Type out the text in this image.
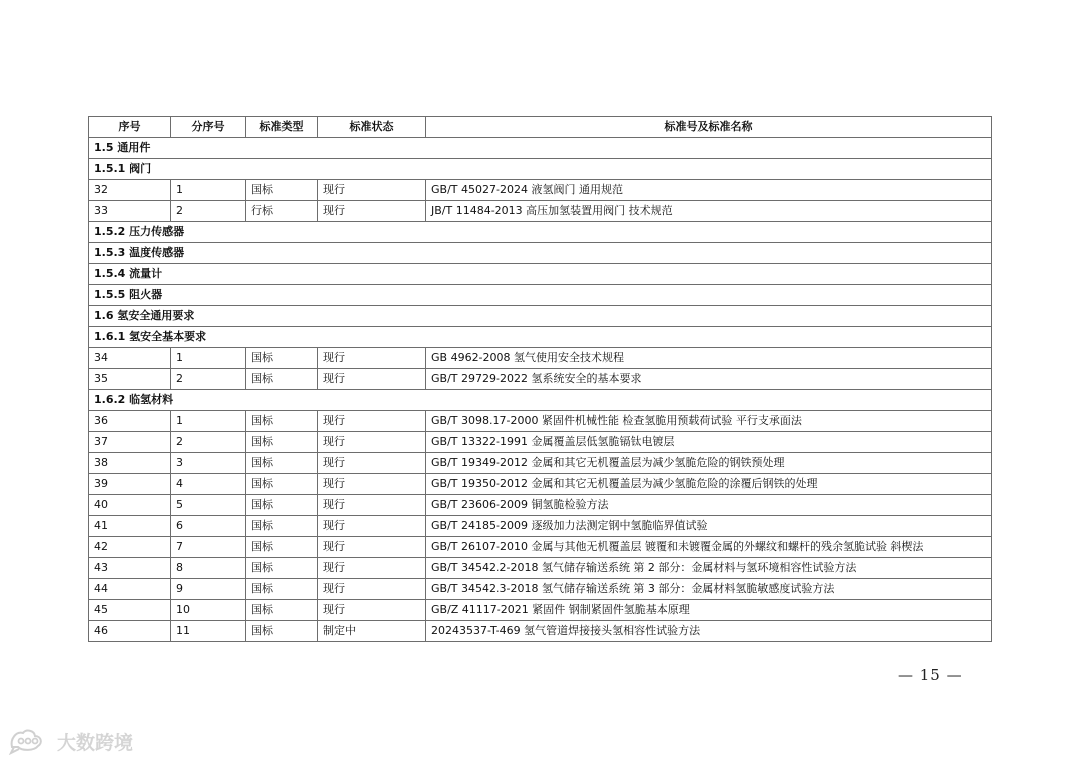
序号	分序号	标准类型	标准状态	标准号及标准名称
1.5 通用件				
1.5.1 阀门				
32	1	国标	现行	GB/T 45027-2024 液氢阀门 通用规范
33	2	行标	现行	JB/T 11484-2013 高压加氢装置用阀门 技术规范
1.5.2 压力传感器				
1.5.3 温度传感器				
1.5.4 流量计				
1.5.5 阻火器				
1.6 氢安全通用要求				
1.6.1 氢安全基本要求				
34	1	国标	现行	GB 4962-2008 氢气使用安全技术规程
35	2	国标	现行	GB/T 29729-2022 氢系统安全的基本要求
1.6.2 临氢材料				
36	1	国标	现行	GB/T 3098.17-2000 紧固件机械性能 检查氢脆用预载荷试验 平行支承面法
37	2	国标	现行	GB/T 13322-1991 金属覆盖层低氢脆镉钛电镀层
38	3	国标	现行	GB/T 19349-2012 金属和其它无机覆盖层为减少氢脆危险的钢铁预处理
39	4	国标	现行	GB/T 19350-2012 金属和其它无机覆盖层为减少氢脆危险的涂覆后钢铁的处理
40	5	国标	现行	GB/T 23606-2009 铜氢脆检验方法
41	6	国标	现行	GB/T 24185-2009 逐级加力法测定钢中氢脆临界值试验
42	7	国标	现行	GB/T 26107-2010 金属与其他无机覆盖层 镀覆和未镀覆金属的外螺纹和螺杆的残余氢脆试验 斜楔法
43	8	国标	现行	GB/T 34542.2-2018 氢气储存输送系统 第 2 部分：金属材料与氢环境相容性试验方法
44	9	国标	现行	GB/T 34542.3-2018 氢气储存输送系统 第 3 部分：金属材料氢脆敏感度试验方法
45	10	国标	现行	GB/Z 41117-2021 紧固件 钢制紧固件氢脆基本原理
46	11	国标	制定中	20243537-T-469 氢气管道焊接接头氢相容性试验方法
— 15 —
大数跨境
